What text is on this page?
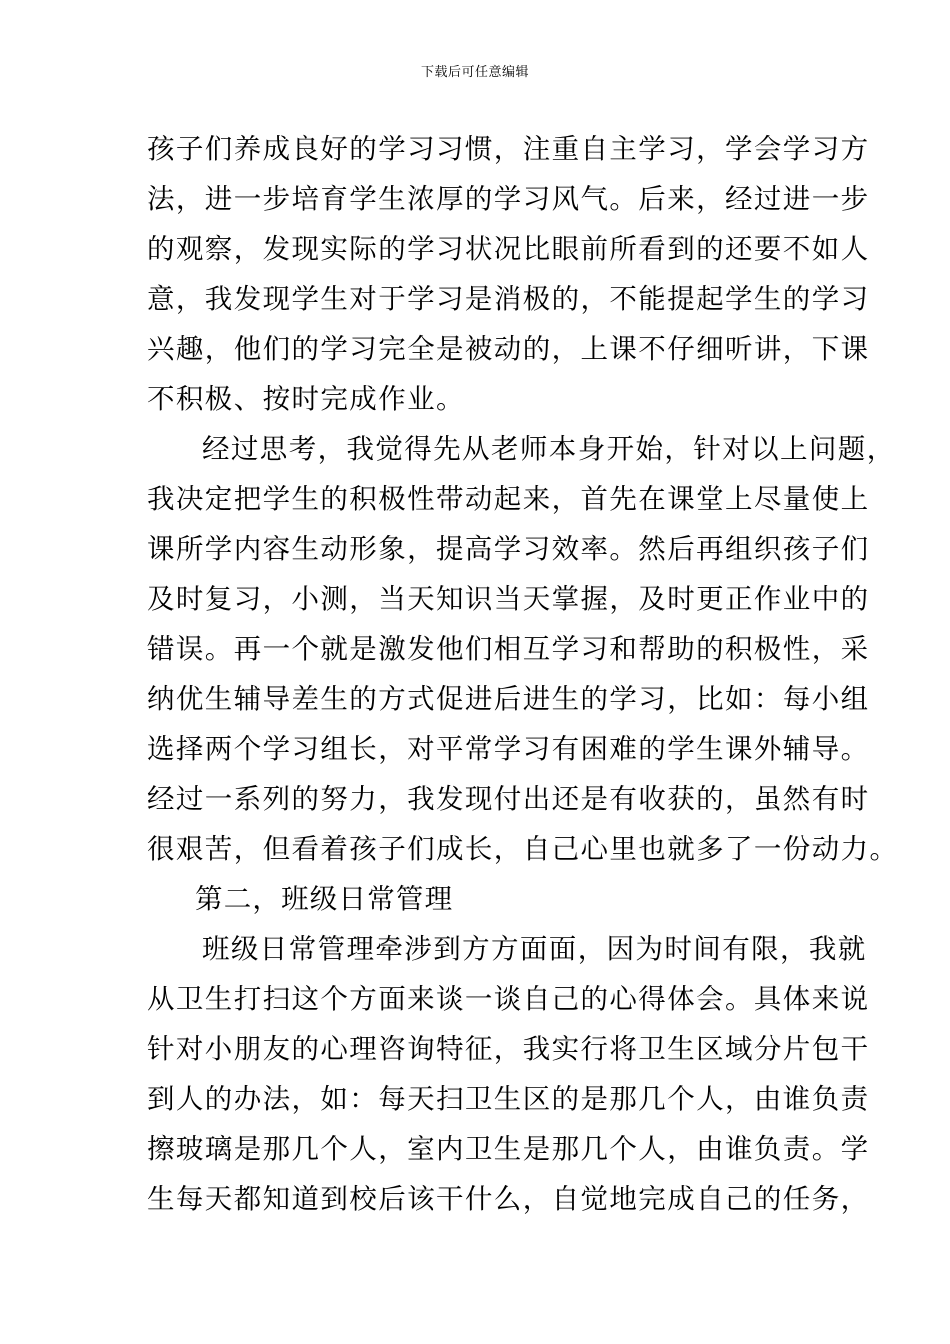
下载后可任意编辑
孩子们养成良好的学习习惯，注重自主学习，学会学习方
法，进一步培育学生浓厚的学习风气。后来，经过进一步
的观察，发现实际的学习状况比眼前所看到的还要不如人
意，我发现学生对于学习是消极的，不能提起学生的学习
兴趣，他们的学习完全是被动的，上课不仔细听讲，下课
不积极、按时完成作业。
经过思考，我觉得先从老师本身开始，针对以上问题，
我决定把学生的积极性带动起来，首先在课堂上尽量使上
课所学内容生动形象，提高学习效率。然后再组织孩子们
及时复习，小测，当天知识当天掌握，及时更正作业中的
错误。再一个就是激发他们相互学习和帮助的积极性，采
纳优生辅导差生的方式促进后进生的学习，比如：每小组
选择两个学习组长，对平常学习有困难的学生课外辅导。
经过一系列的努力，我发现付出还是有收获的，虽然有时
很艰苦，但看着孩子们成长，自己心里也就多了一份动力。
第二，班级日常管理
班级日常管理牵涉到方方面面，因为时间有限，我就
从卫生打扫这个方面来谈一谈自己的心得体会。具体来说
针对小朋友的心理咨询特征，我实行将卫生区域分片包干
到人的办法，如：每天扫卫生区的是那几个人，由谁负责
擦玻璃是那几个人，室内卫生是那几个人，由谁负责。学
生每天都知道到校后该干什么，自觉地完成自己的任务，
